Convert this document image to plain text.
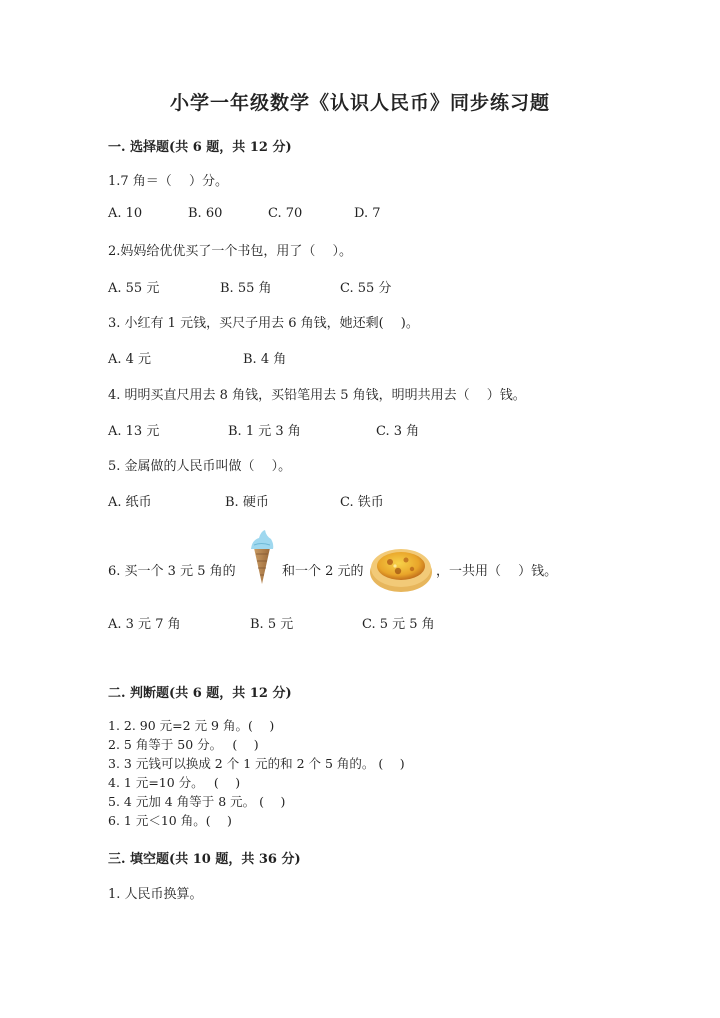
小学一年级数学《认识人民币》同步练习题
一. 选择题(共 6 题，共 12 分)
1.7 角＝（　 ）分。
A. 10	B. 60	C. 70	D. 7
2.妈妈给优优买了一个书包，用了（　 ）。
A. 55 元	B. 55 角	C. 55 分
3. 小红有 1 元钱，买尺子用去 6 角钱，她还剩(　 )。
A. 4 元	B. 4 角
4. 明明买直尺用去 8 角钱，买铅笔用去 5 角钱，明明共用去（　 ）钱。
A. 13 元	B. 1 元 3 角	C. 3 角
5. 金属做的人民币叫做（　 ）。
A. 纸币	B. 硬币	C. 铁币
6. 买一个 3 元 5 角的	和一个 2 元的	，一共用（　 ）钱。
A. 3 元 7 角	B. 5 元	C. 5 元 5 角
二. 判断题(共 6 题，共 12 分)
1. 2. 90 元=2 元 9 角。(　 )
2. 5 角等于 50 分。　 (　 )
3. 3 元钱可以换成 2 个 1 元的和 2 个 5 角的。 (　 )
4. 1 元=10 分。　 (　 )
5. 4 元加 4 角等于 8 元。 (　 )
6. 1 元＜10 角。(　 )
三. 填空题(共 10 题，共 36 分)
1. 人民币换算。
